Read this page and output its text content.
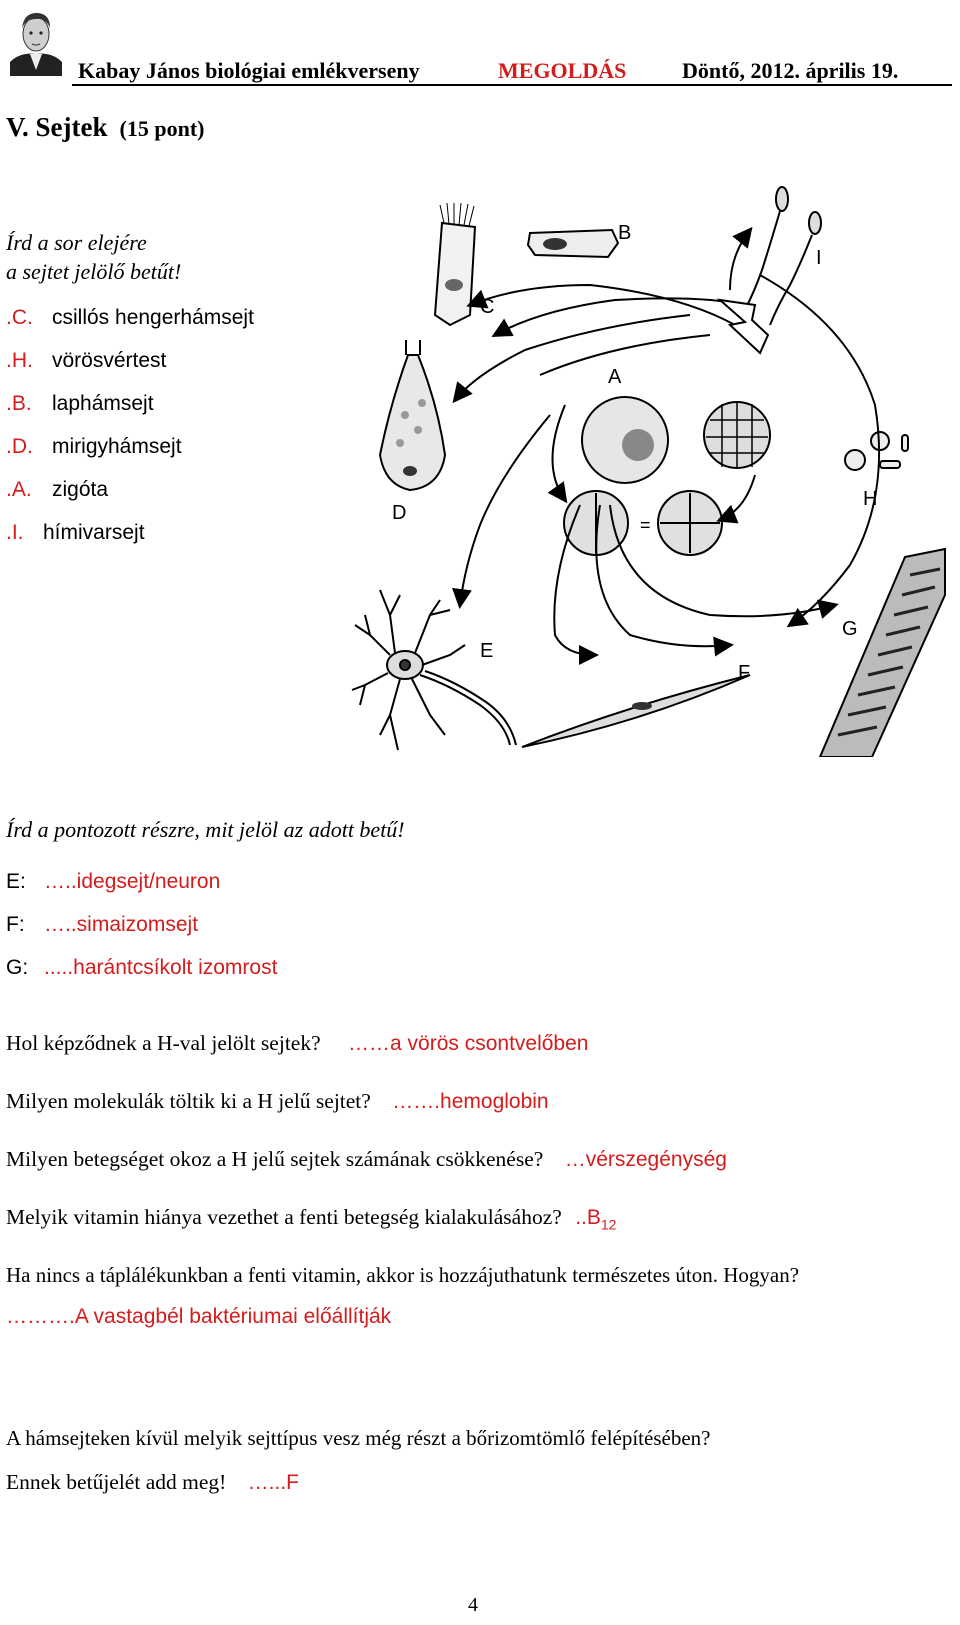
Kabay János biológiai emlékverseny	MEGOLDÁS	Döntő, 2012. április 19.
V. Sejtek (15 pont)
Írd a sor elejére
a sejtet jelölő betűt!
.C. csillós hengerhámsejt
.H. vörösvértest
.B. laphámsejt
.D. mirigyhámsejt
.A. zigóta
.I. hímivarsejt	=
A
B
C
D
E
F
G
H
I
Írd a pontozott részre, mit jelöl az adott betű!
E: …..idegsejt/neuron
F: …..simaizomsejt
G: .....harántcsíkolt izomrost
Hol képződnek a H-val jelölt sejtek? ……a vörös csontvelőben
Milyen molekulák töltik ki a H jelű sejtet? …….hemoglobin
Milyen betegséget okoz a H jelű sejtek számának csökkenése? …vérszegénység
Melyik vitamin hiánya vezethet a fenti betegség kialakulásához? $..B_{12}$
Ha nincs a táplálékunkban a fenti vitamin, akkor is hozzájuthatunk természetes úton. Hogyan?
……….A vastagbél baktériumai előállítják
A hámsejteken kívül melyik sejttípus vesz még részt a bőrizomtömlő felépítésében?
Ennek betűjelét add meg! …...F
4
